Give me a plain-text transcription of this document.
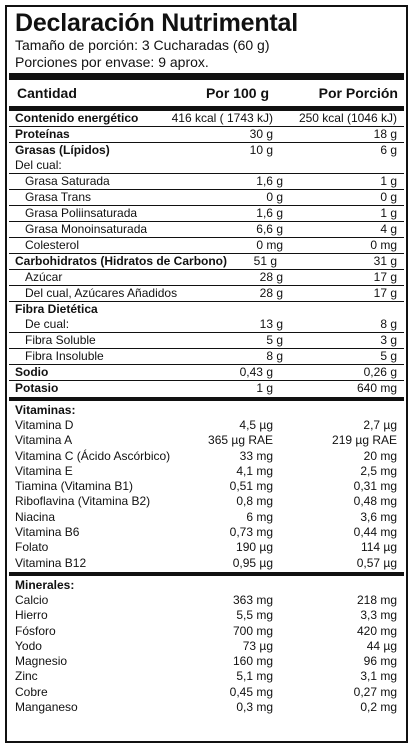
Declaración Nutrimental
Tamaño de porción: 3 Cucharadas (60 g)
Porciones por envase: 9 aprox.
Cantidad	Por 100 g	Por Porción
Contenido energético	416 kcal ( 1743 kJ)	250 kcal (1046 kJ)
Proteínas	30 g	18 g
Grasas (Lípidos)	10 g	6 g
Del cual:
Grasa Saturada	1,6 g	1 g
Grasa Trans	0 g	0 g
Grasa Poliinsaturada	1,6 g	1 g
Grasa Monoinsaturada	6,6 g	4 g
Colesterol	0 mg	0 mg
Carbohidratos (Hidratos de Carbono)	51 g	31 g
Azúcar	28 g	17 g
Del cual, Azúcares Añadidos	28 g	17 g
Fibra Dietética
De cual:	13 g	8 g
Fibra Soluble	5 g	3 g
Fibra Insoluble	8 g	5 g
Sodio	0,43 g	0,26 g
Potasio	1 g	640 mg
Vitaminas:
Vitamina D	4,5 µg	2,7 µg
Vitamina A	365 µg RAE	219 µg RAE
Vitamina C (Ácido Ascórbico)	33 mg	20 mg
Vitamina E	4,1 mg	2,5 mg
Tiamina (Vitamina B1)	0,51 mg	0,31 mg
Riboflavina (Vitamina B2)	0,8 mg	0,48 mg
Niacina	6 mg	3,6 mg
Vitamina B6	0,73 mg	0,44 mg
Folato	190 µg	114 µg
Vitamina B12	0,95 µg	0,57 µg
Minerales:
Calcio	363 mg	218 mg
Hierro	5,5 mg	3,3 mg
Fósforo	700 mg	420 mg
Yodo	73 µg	44 µg
Magnesio	160 mg	96 mg
Zinc	5,1 mg	3,1 mg
Cobre	0,45 mg	0,27 mg
Manganeso	0,3 mg	0,2 mg
